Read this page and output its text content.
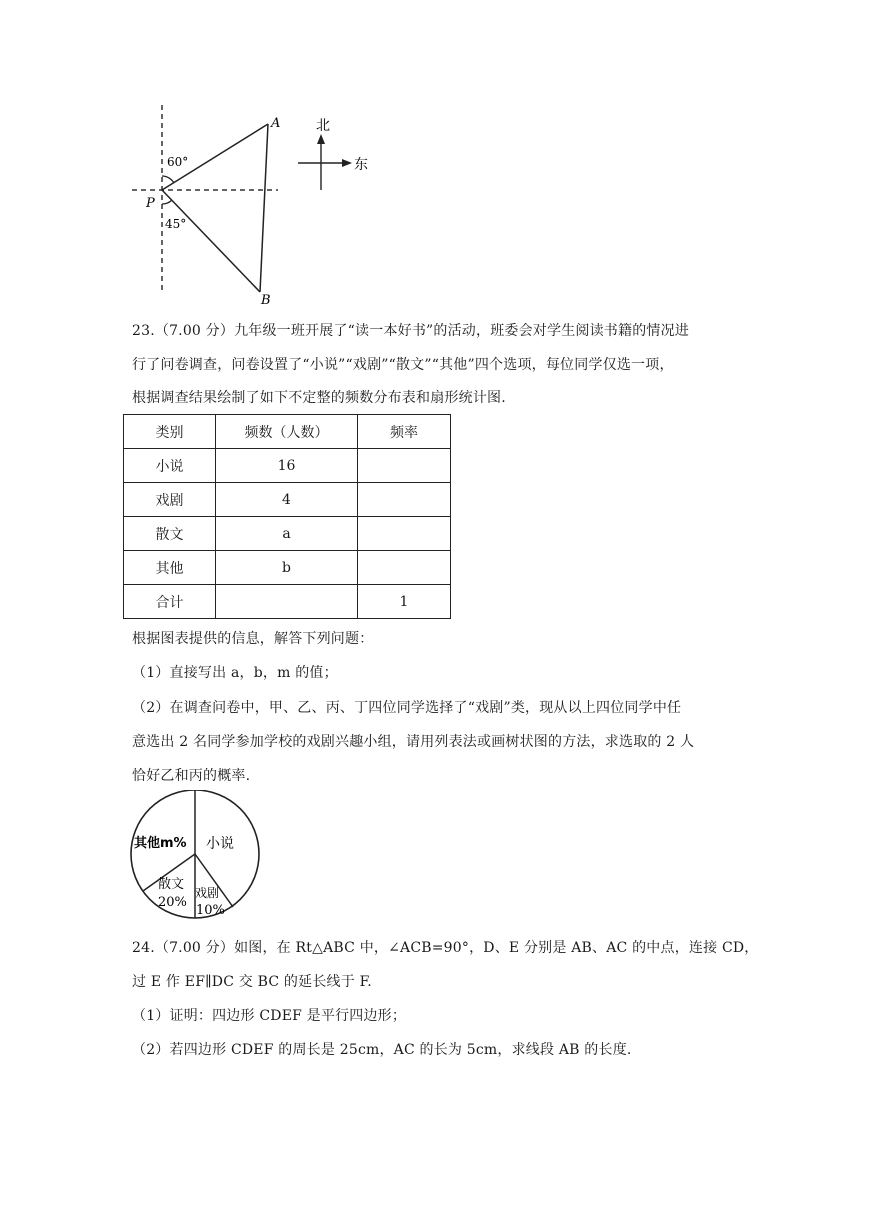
A
B
P
60°
45°
北
东
23.（7.00 分）九年级一班开展了“读一本好书”的活动，班委会对学生阅读书籍的情况进
行了问卷调查，问卷设置了“小说”“戏剧”“散文”“其他”四个选项，每位同学仅选一项，
根据调查结果绘制了如下不定整的频数分布表和扇形统计图.
类别	频数（人数）	频率
小说	16	
戏剧	4	
散文	a	
其他	b	
合计		1
根据图表提供的信息，解答下列问题：
（1）直接写出 a，b，m 的值；
（2）在调查问卷中，甲、乙、丙、丁四位同学选择了“戏剧”类，现从以上四位同学中任
意选出 2 名同学参加学校的戏剧兴趣小组，请用列表法或画树状图的方法，求选取的 2 人
恰好乙和丙的概率.
其他m% 小说
散文
20%
戏剧
10%
24.（7.00 分）如图，在 Rt△ABC 中，∠ACB=90°，D、E 分别是 AB、AC 的中点，连接 CD，
过 E 作 EF∥DC 交 BC 的延长线于 F.
（1）证明：四边形 CDEF 是平行四边形；
（2）若四边形 CDEF 的周长是 25cm，AC 的长为 5cm，求线段 AB 的长度.
